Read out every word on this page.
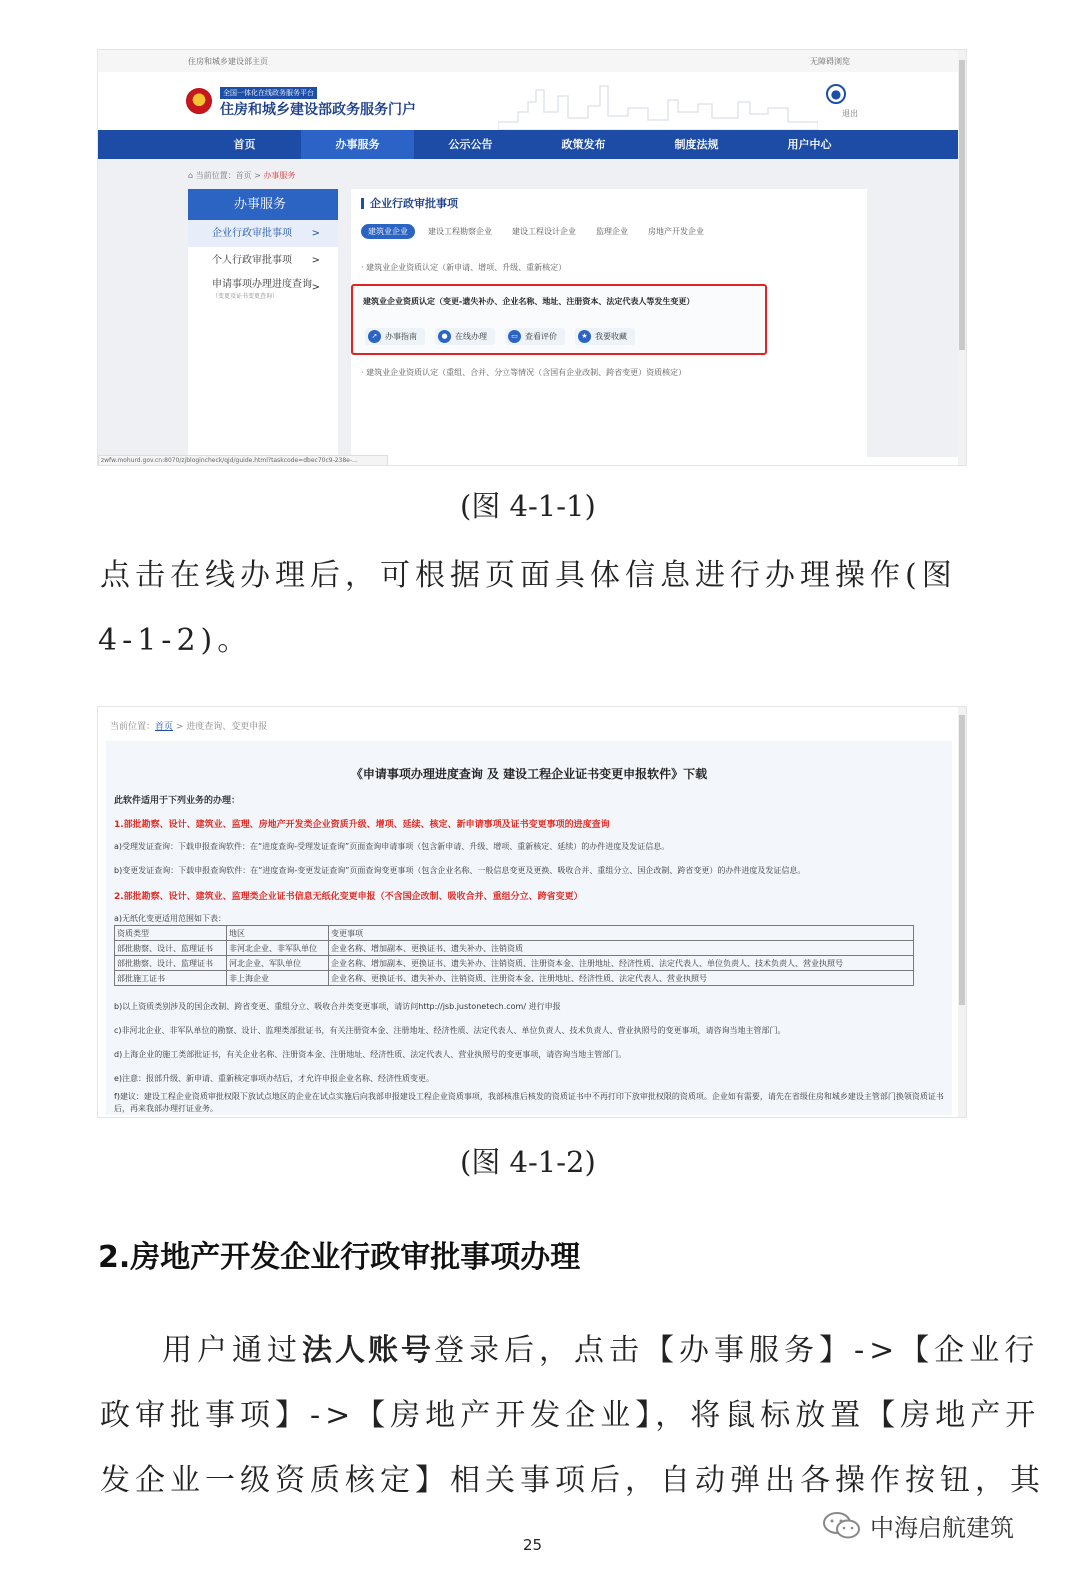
住房和城乡建设部主页	无障碍浏览
全国一体化在线政务服务平台
住房和城乡建设部政务服务门户
●
退出
首页	办事服务	公示公告	政策发布	制度法规	用户中心
⌂ 当前位置：首页 > 办事服务
办事服务
企业行政审批事项 >
个人行政审批事项 >
申请事项办理进度查询
（变更及证书变更查询）
>
企业行政审批事项
建筑业企业	建设工程勘察企业	建设工程设计企业	监理企业	房地产开发企业
· 建筑业企业资质认定（新申请、增项、升级、重新核定）
建筑业企业资质认定（变更-遗失补办、企业名称、地址、注册资本、法定代表人等发生变更）
➚ 办事指南	● 在线办理	▭ 查看评价	★ 我要收藏
· 建筑业企业资质认定（重组、合并、分立等情况（含国有企业改制、跨省变更）资质核定）
zwfw.mohurd.gov.cn:8070/zjbloginchеck/qjd/guide.html?taskcode=dbec70c9-238e-...
(图 4-1-1)
点击在线办理后，可根据页面具体信息进行办理操作(图
4-1-2)。
当前位置：首页 > 进度查询、变更申报
《申请事项办理进度查询 及 建设工程企业证书变更申报软件》下载
此软件适用于下列业务的办理：
1.部批勘察、设计、建筑业、监理、房地产开发类企业资质升级、增项、延续、核定、新申请事项及证书变更事项的进度查询
a)受理发证查询：下载申报查询软件：在“进度查询-受理发证查询”页面查询申请事项（包含新申请、升级、增项、重新核定、延续）的办件进度及发证信息。
b)变更发证查询：下载申报查询软件：在“进度查询-变更发证查询”页面查询变更事项（包含企业名称、一般信息变更及更换、吸收合并、重组分立、国企改制、跨省变更）的办件进度及发证信息。
2.部批勘察、设计、建筑业、监理类企业证书信息无纸化变更申报（不含国企改制、吸收合并、重组分立、跨省变更）
a)无纸化变更适用范围如下表：
资质类型	地区	变更事项
部批勘察、设计、监理证书	非河北企业、非军队单位	企业名称、增加副本、更换证书、遗失补办、注销资质
部批勘察、设计、监理证书	河北企业、军队单位	企业名称、增加副本、更换证书、遗失补办、注销资质、注册资本金、注册地址、经济性质、法定代表人、单位负责人、技术负责人、营业执照号
部批施工证书	非上海企业	企业名称、更换证书、遗失补办、注销资质、注册资本金、注册地址、经济性质、法定代表人、营业执照号
b)以上资质类别涉及的国企改制、跨省变更、重组分立、吸收合并类变更事项，请访问http://jsb.justonetech.com/ 进行申报
c)非河北企业、非军队单位的勘察、设计、监理类部批证书，有关注册资本金、注册地址、经济性质、法定代表人、单位负责人、技术负责人、营业执照号的变更事项，请咨询当地主管部门。
d)上海企业的施工类部批证书，有关企业名称、注册资本金、注册地址、经济性质、法定代表人、营业执照号的变更事项，请咨询当地主管部门。
e)注意：报部升级、新申请、重新核定事项办结后，才允许申报企业名称、经济性质变更。
f)建议：建设工程企业资质审批权限下放试点地区的企业在试点实施后向我部申报建设工程企业资质事项，我部核准后核发的资质证书中不再打印下放审批权限的资质项。企业如有需要，请先在省级住房和城乡建设主管部门换领资质证书后，再来我部办理打证业务。
(图 4-1-2)
2.房地产开发企业行政审批事项办理
用户通过法人账号登录后，点击【办事服务】->【企业行
政审批事项】->【房地产开发企业】，将鼠标放置【房地产开
发企业一级资质核定】相关事项后，自动弹出各操作按钮，其
中海启航建筑
25
